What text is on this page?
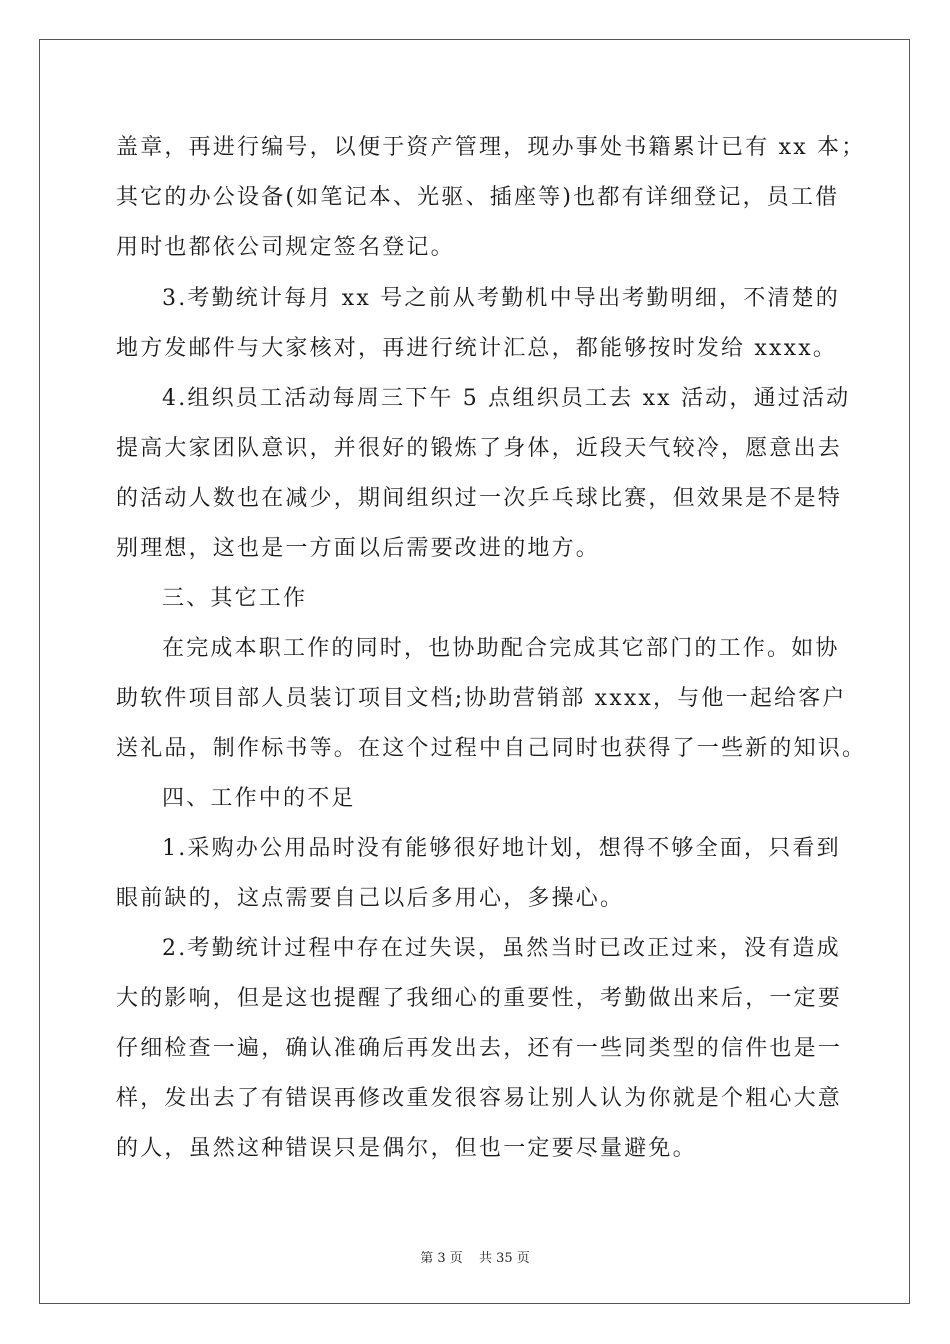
盖章，再进行编号，以便于资产管理，现办事处书籍累计已有 xx 本；
其它的办公设备(如笔记本、光驱、插座等)也都有详细登记，员工借
用时也都依公司规定签名登记。
3.考勤统计每月 xx 号之前从考勤机中导出考勤明细，不清楚的
地方发邮件与大家核对，再进行统计汇总，都能够按时发给 xxxx。
4.组织员工活动每周三下午 5 点组织员工去 xx 活动，通过活动
提高大家团队意识，并很好的锻炼了身体，近段天气较冷，愿意出去
的活动人数也在减少，期间组织过一次乒乓球比赛，但效果是不是特
别理想，这也是一方面以后需要改进的地方。
三、其它工作
在完成本职工作的同时，也协助配合完成其它部门的工作。如协
助软件项目部人员装订项目文档;协助营销部 xxxx，与他一起给客户
送礼品，制作标书等。在这个过程中自己同时也获得了一些新的知识。
四、工作中的不足
1.采购办公用品时没有能够很好地计划，想得不够全面，只看到
眼前缺的，这点需要自己以后多用心，多操心。
2.考勤统计过程中存在过失误，虽然当时已改正过来，没有造成
大的影响，但是这也提醒了我细心的重要性，考勤做出来后，一定要
仔细检查一遍，确认准确后再发出去，还有一些同类型的信件也是一
样，发出去了有错误再修改重发很容易让别人认为你就是个粗心大意
的人，虽然这种错误只是偶尔，但也一定要尽量避免。
第 3 页 共 35 页
